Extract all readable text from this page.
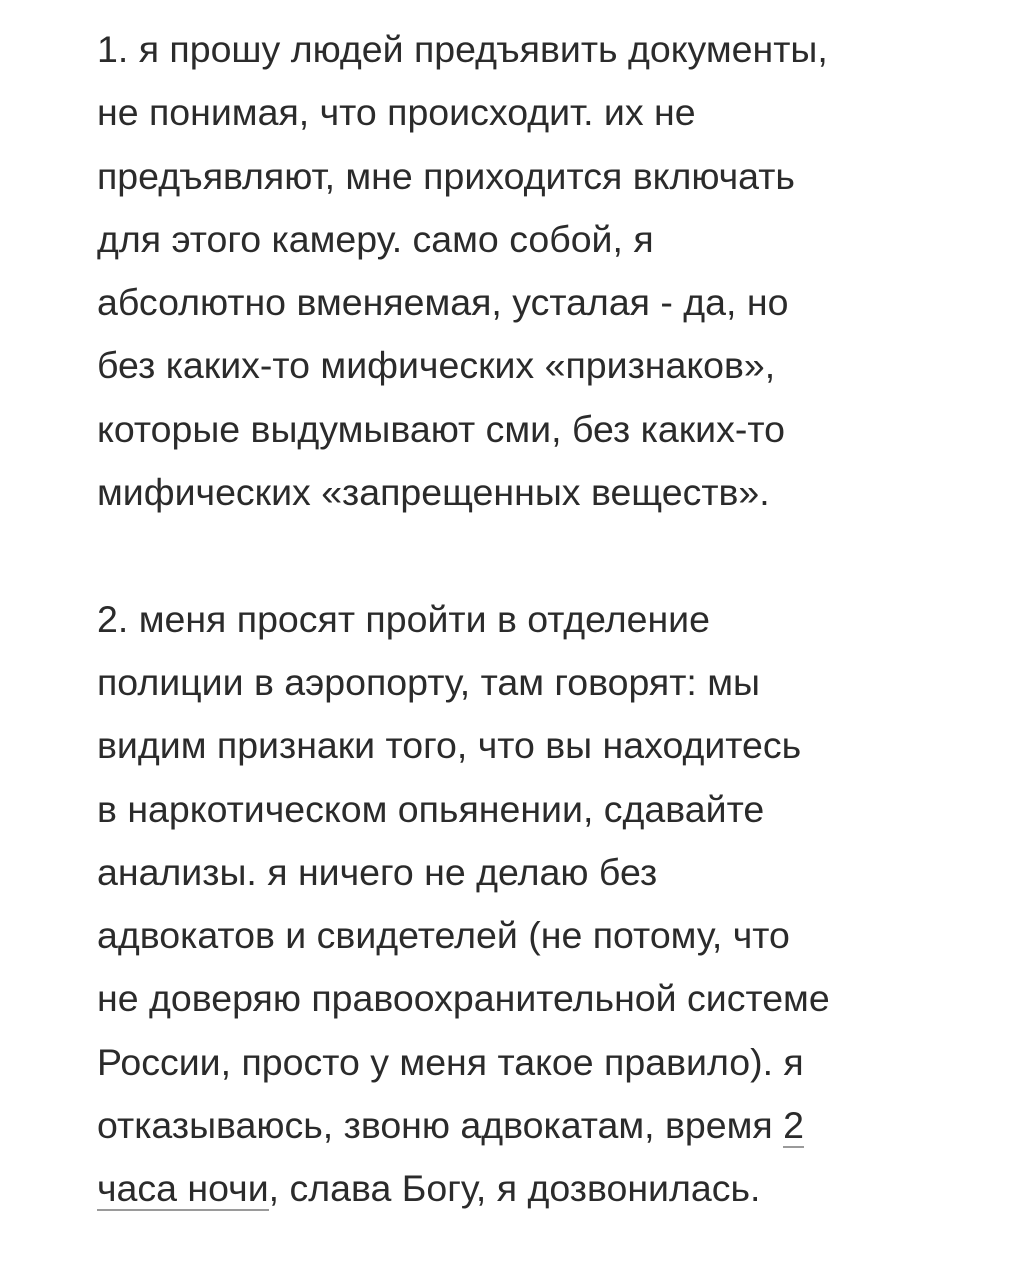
1. я прошу людей предъявить документы,
не понимая, что происходит. их не
предъявляют, мне приходится включать
для этого камеру. само собой, я
абсолютно вменяемая, усталая - да, но
без каких-то мифических «признаков»,
которые выдумывают сми, без каких-то
мифических «запрещенных веществ».
2. меня просят пройти в отделение
полиции в аэропорту, там говорят: мы
видим признаки того, что вы находитесь
в наркотическом опьянении, сдавайте
анализы. я ничего не делаю без
адвокатов и свидетелей (не потому, что
не доверяю правоохранительной системе
России, просто у меня такое правило). я
отказываюсь, звоню адвокатам, время 2
часа ночи, слава Богу, я дозвонилась.
